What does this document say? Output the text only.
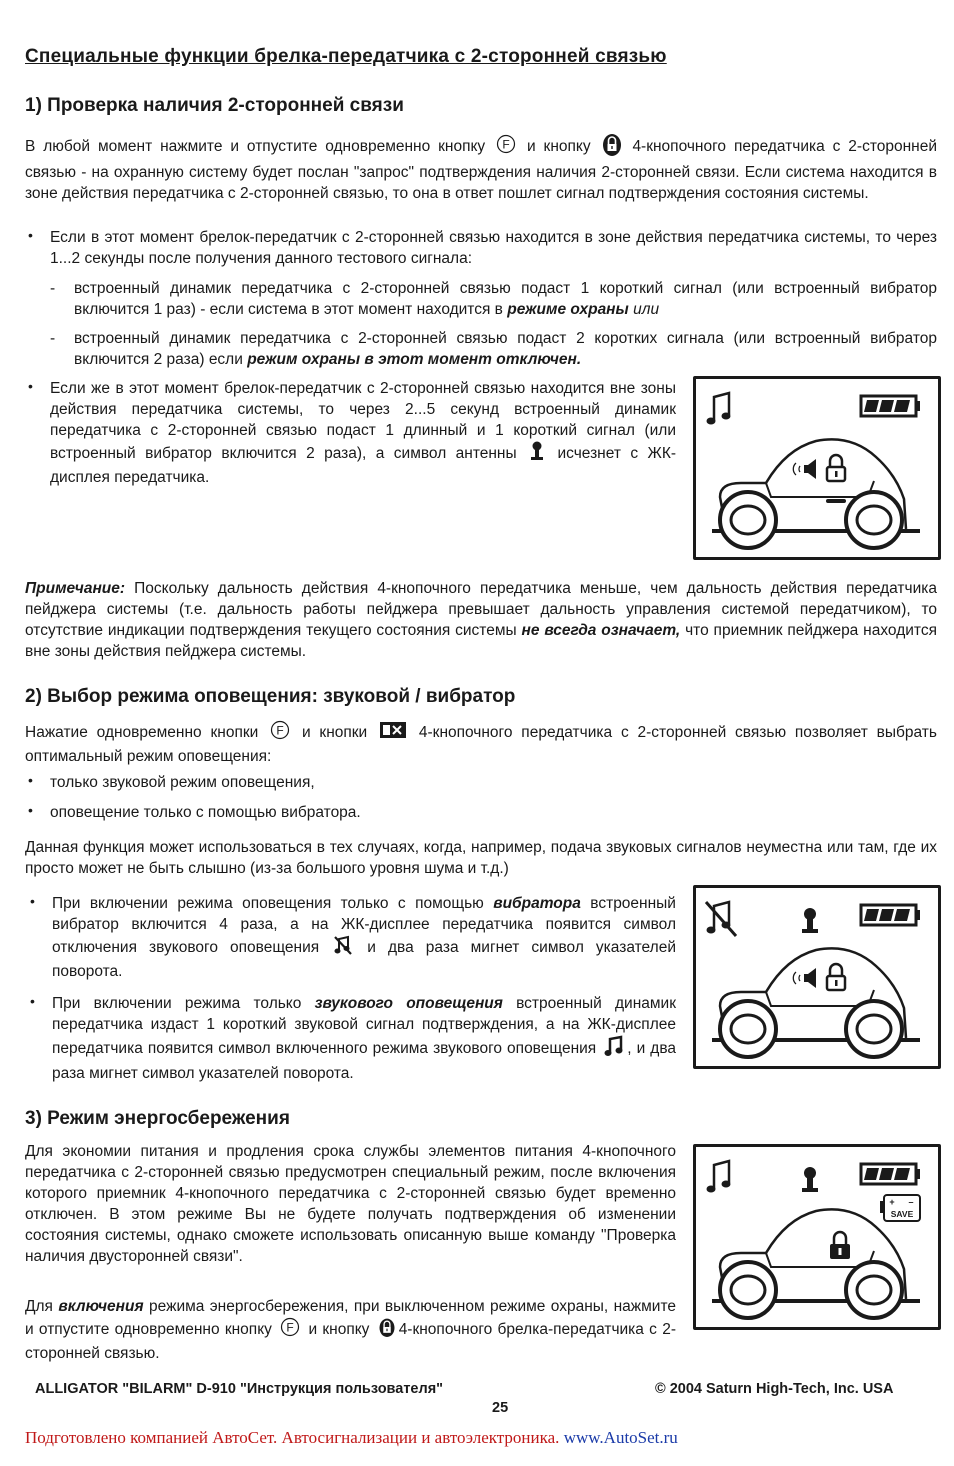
Специальные функции брелка-передатчика с 2-сторонней связью
1) Проверка наличия 2-сторонней связи
В любой момент нажмите и отпустите одновременно кнопку F и кнопку	4-кнопочного передатчика с 2-сторонней связью - на охранную систему будет послан "запрос" подтверждения наличия 2-сторонней связи. Если система находится в зоне действия передатчика с 2-сторонней связью, то она в ответ пошлет сигнал подтверждения состояния системы.
• Если в этот момент брелок-передатчик с 2-сторонней связью находится в зоне действия передатчика системы, то через 1...2 секунды после получения данного тестового сигнала:
- встроенный динамик передатчика с 2-сторонней связью подаст 1 короткий сигнал (или встроенный вибратор включится 1 раз) - если система в этот момент находится в режиме охраны или
- встроенный динамик передатчика с 2-сторонней связью подаст 2 коротких сигнала (или встроенный вибратор включится 2 раза) если режим охраны в этот момент отключен.
• Если же в этот момент брелок-передатчик с 2-сторонней связью находится вне зоны действия передатчика системы, то через 2...5 секунд встроенный динамик передатчика с 2-сторонней связью подаст 1 длинный и 1 короткий сигнал (или встроенный вибратор включится 2 раза), а символ антенны	исчезнет с ЖК-дисплея передатчика.
Примечание: Поскольку дальность действия 4-кнопочного передатчика меньше, чем дальность действия передатчика пейджера системы (т.е. дальность работы пейджера превышает дальность управления системой передатчиком), то отсутствие индикации подтверждения текущего состояния системы не всегда означает, что приемник пейджера находится вне зоны действия пейджера системы.
2) Выбор режима оповещения: звуковой / вибратор
Нажатие одновременно кнопки F и кнопки	4-кнопочного передатчика с 2-сторонней связью позволяет выбрать оптимальный режим оповещения:
• только звуковой режим оповещения,
• оповещение только с помощью вибратора.
Данная функция может использоваться в тех случаях, когда, например, подача звуковых сигналов неуместна или там, где их просто может не быть слышно (из-за большого уровня шума и т.д.)
• При включении режима оповещения только с помощью вибратора встроенный вибратор включится 4 раза, а на ЖК-дисплее передатчика появится символ отключения звукового оповещения	и два раза мигнет символ указателей поворота.
• При включении режима только звукового оповещения встроенный динамик передатчика издаст 1 короткий звуковой сигнал подтверждения, а на ЖК-дисплее передатчика появится символ включенного режима звукового оповещения , и два раза мигнет символ указателей поворота.
3) Режим энергосбережения
Для экономии питания и продления срока службы элементов питания 4-кнопочного передатчика с 2-сторонней связью предусмотрен специальный режим, после включения которого приемник 4-кнопочного передатчика с 2-сторонней связью будет временно отключен. В этом режиме Вы не будете получать подтверждения об изменении состояния системы, однако сможете использовать описанную выше команду "Проверка наличия двусторонней связи".
Для включения режима энергосбережения, при выключенном режиме охраны, нажмите и отпустите одновременно кнопку F и кнопку 4-кнопочного брелка-передатчика с 2-сторонней связью.
+ –
SAVE
ALLIGATOR "BILARM" D-910 "Инструкция пользователя"	© 2004 Saturn High-Tech, Inc. USA
25
Подготовлено компанией АвтоСет. Автосигнализации и автоэлектроника. www.AutoSet.ru
